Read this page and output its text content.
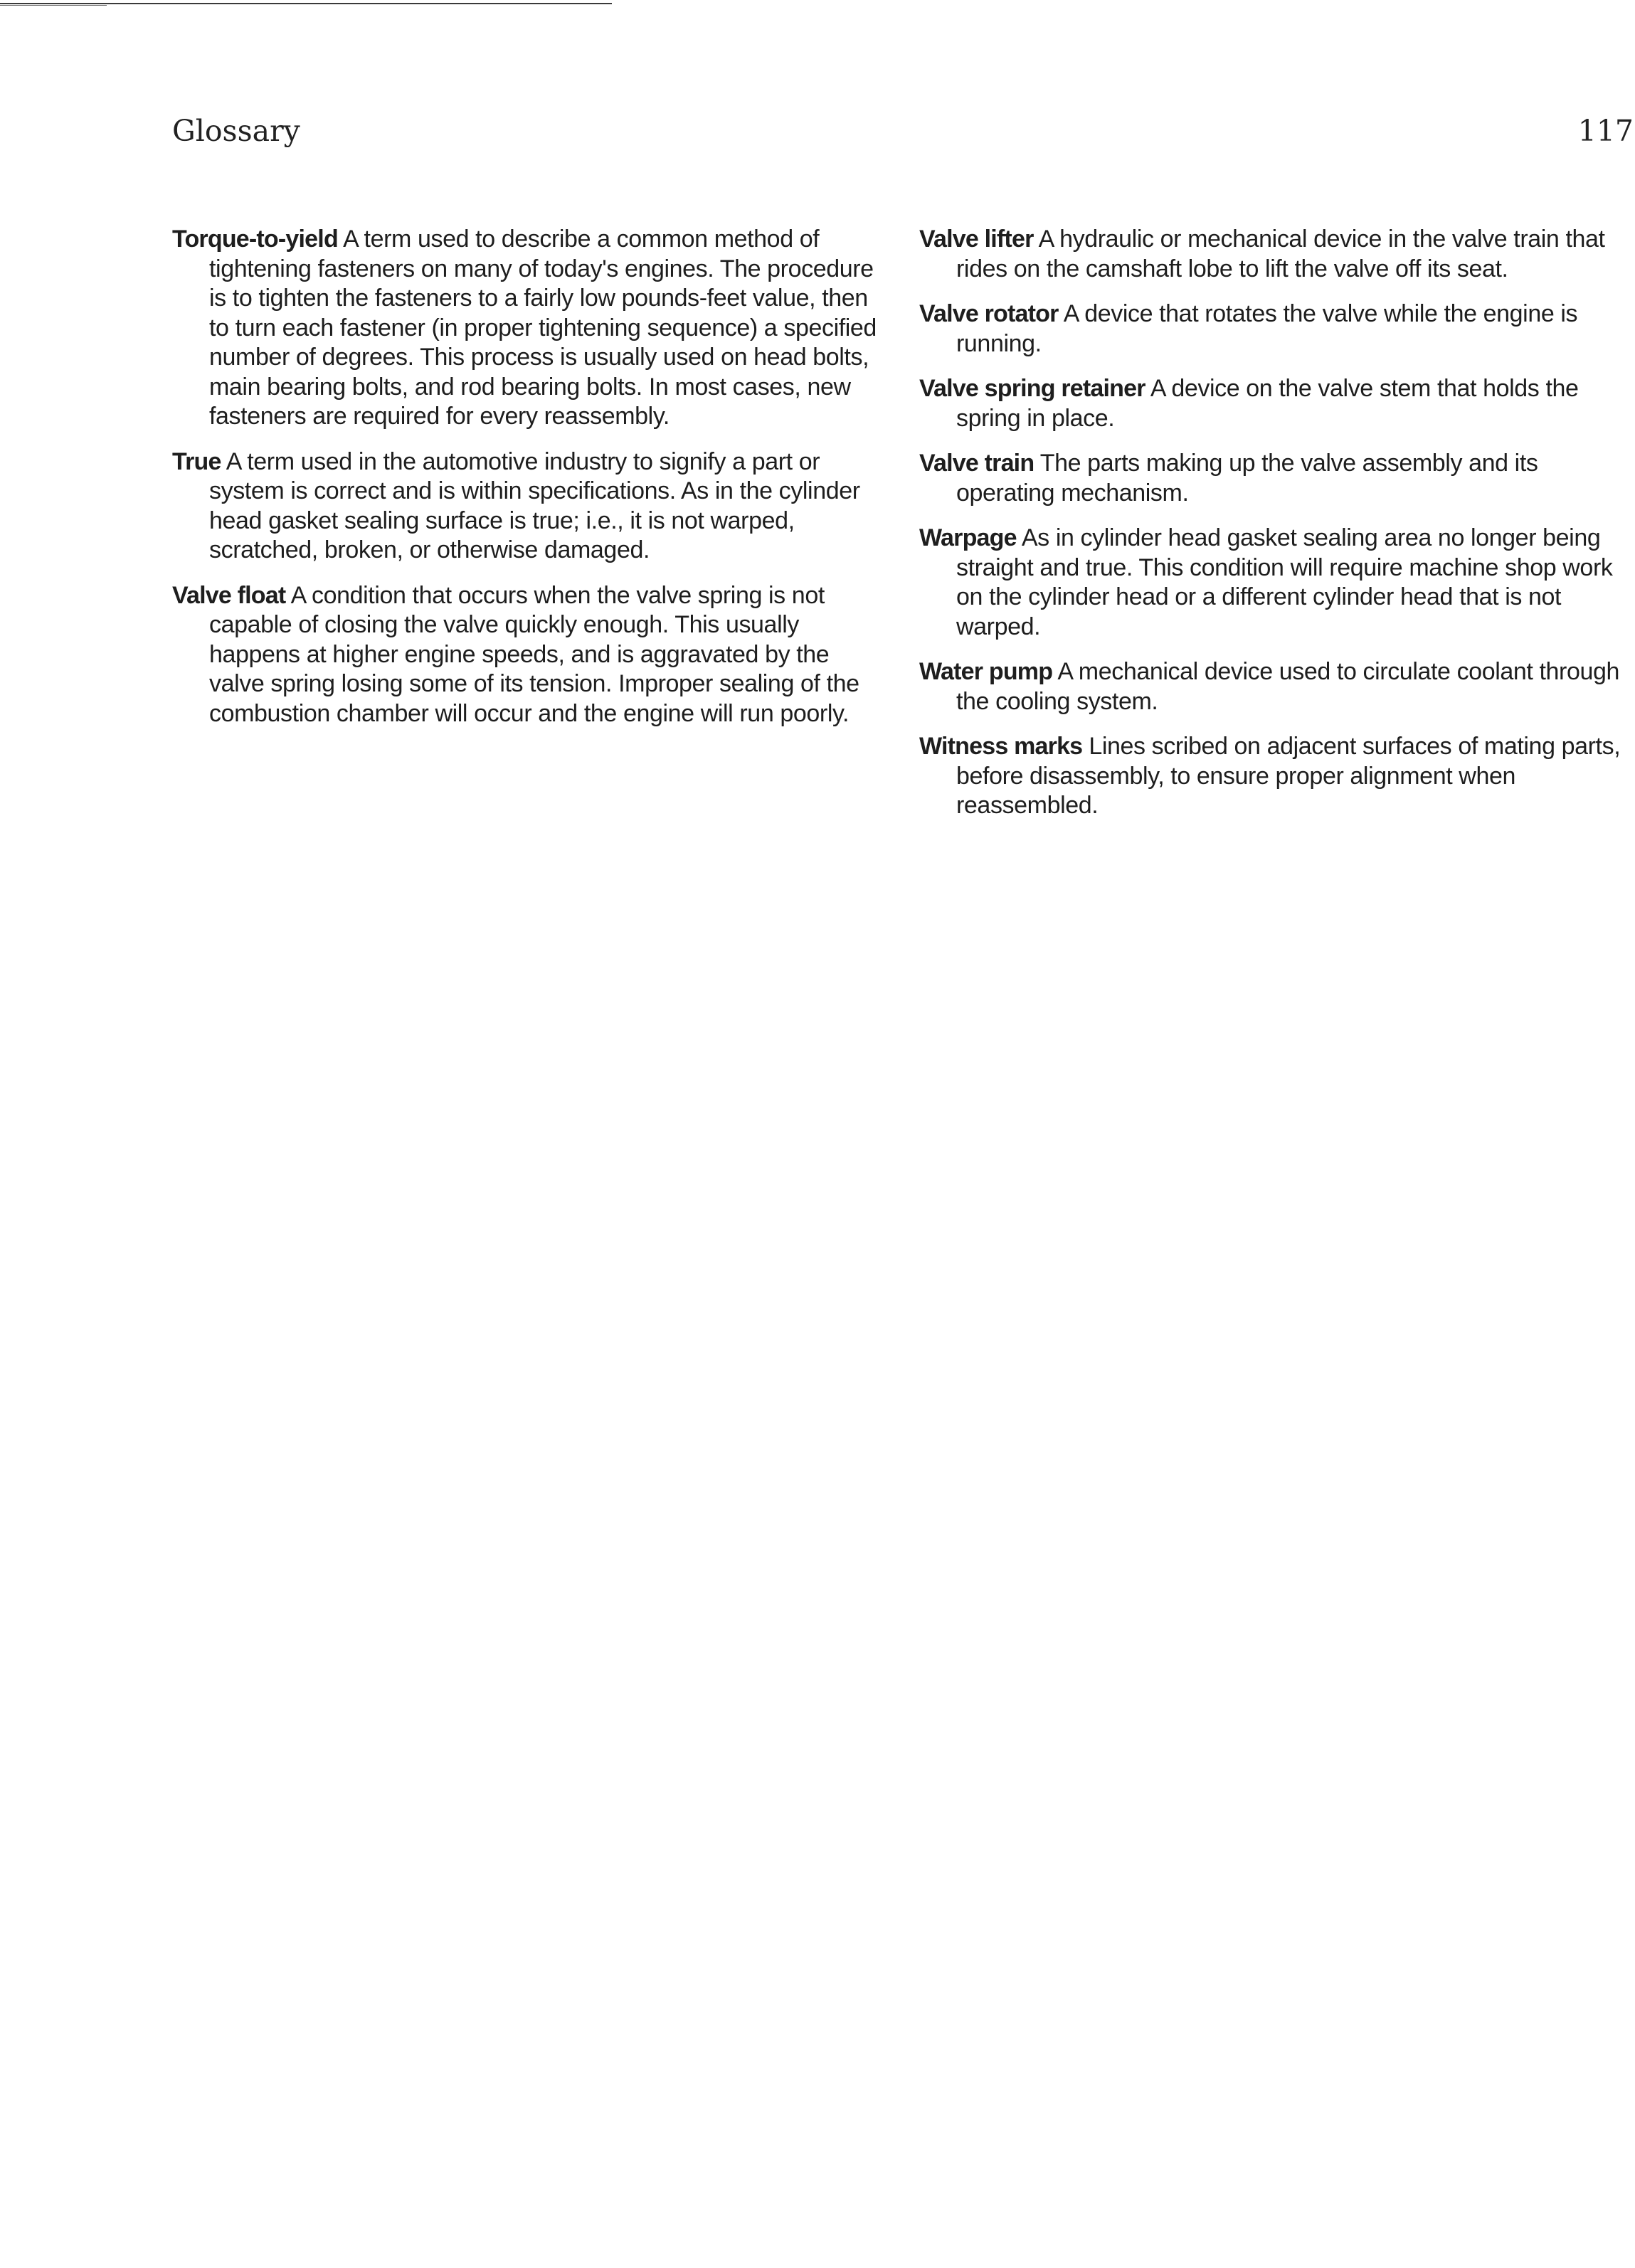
Glossary	117

Torque-to-yield A term used to describe a common method of tightening fasteners on many of today's engines. The procedure is to tighten the fasteners to a fairly low pounds-feet value, then to turn each fastener (in proper tightening sequence) a specified number of degrees. This process is usually used on head bolts, main bearing bolts, and rod bearing bolts. In most cases, new fasteners are required for every reassembly.

True A term used in the automotive industry to signify a part or system is correct and is within specifications. As in the cylinder head gasket sealing surface is true; i.e., it is not warped, scratched, broken, or otherwise damaged.

Valve float A condition that occurs when the valve spring is not capable of closing the valve quickly enough. This usually happens at higher engine speeds, and is aggravated by the valve spring losing some of its tension. Improper sealing of the combustion chamber will occur and the engine will run poorly.

Valve lifter A hydraulic or mechanical device in the valve train that rides on the camshaft lobe to lift the valve off its seat.

Valve rotator A device that rotates the valve while the engine is running.

Valve spring retainer A device on the valve stem that holds the spring in place.

Valve train The parts making up the valve assembly and its operating mechanism.

Warpage As in cylinder head gasket sealing area no longer being straight and true. This condition will require machine shop work on the cylinder head or a different cylinder head that is not warped.

Water pump A mechanical device used to circulate coolant through the cooling system.

Witness marks Lines scribed on adjacent surfaces of mating parts, before disassembly, to ensure proper alignment when reassembled.
